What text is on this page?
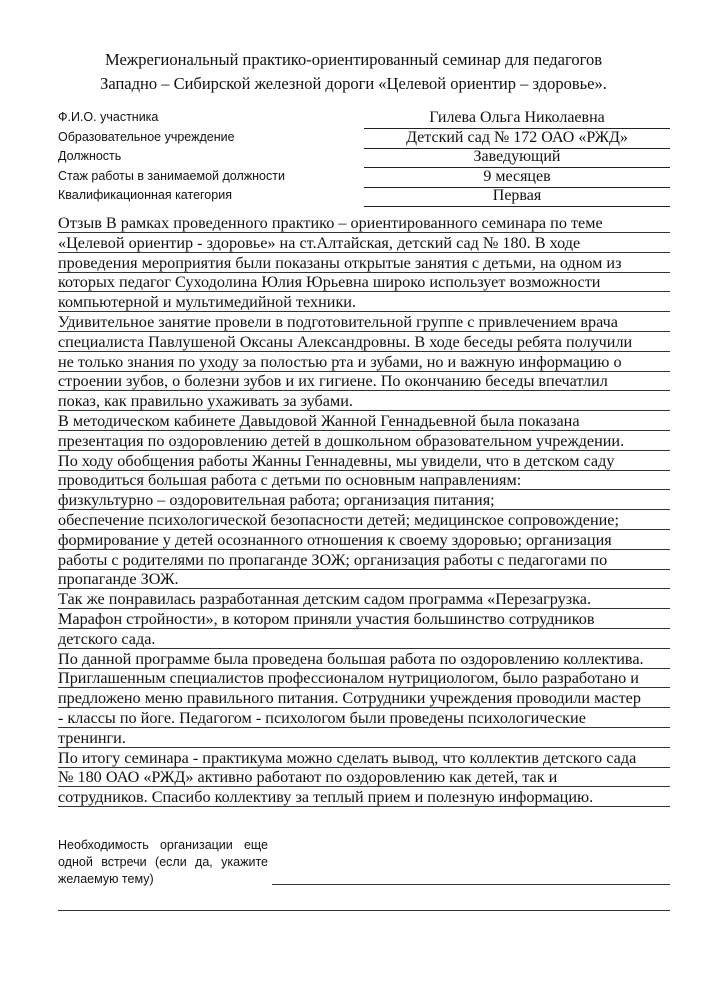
Межрегиональный практико-ориентированный семинар для педагогов
Западно – Сибирской железной дороги «Целевой ориентир – здоровье».
Ф.И.О. участника	Гилева Ольга Николаевна
Образовательное учреждение	Детский сад № 172 ОАО «РЖД»
Должность	Заведующий
Стаж работы в занимаемой должности	9 месяцев
Квалификационная категория	Первая
Отзыв В рамках проведенного практико – ориентированного семинара по теме
«Целевой ориентир - здоровье» на ст.Алтайская, детский сад № 180. В ходе
проведения мероприятия были показаны открытые занятия с детьми, на одном из
которых педагог Суходолина Юлия Юрьевна широко использует возможности
компьютерной и мультимедийной техники.
Удивительное занятие провели в подготовительной группе с привлечением врача
специалиста Павлушеной Оксаны Александровны. В ходе беседы ребята получили
не только знания по уходу за полостью рта и зубами, но и важную информацию о
строении зубов, о болезни зубов и их гигиене. По окончанию беседы впечатлил
показ, как правильно ухаживать за зубами.
В методическом кабинете Давыдовой Жанной Геннадьевной была показана
презентация по оздоровлению детей в дошкольном образовательном учреждении.
По ходу обобщения работы Жанны Геннадевны, мы увидели, что в детском саду
проводиться большая работа с детьми по основным направлениям:
физкультурно – оздоровительная работа; организация питания;
обеспечение психологической безопасности детей; медицинское сопровождение;
формирование у детей осознанного отношения к своему здоровью; организация
работы с родителями по пропаганде ЗОЖ; организация работы с педагогами по
пропаганде ЗОЖ.
Так же понравилась разработанная детским садом программа «Перезагрузка.
Марафон стройности», в котором приняли участия большинство сотрудников
детского сада.
По данной программе была проведена большая работа по оздоровлению коллектива.
Приглашенным специалистов профессионалом нутрициологом, было разработано и
предложено меню правильного питания. Сотрудники учреждения проводили мастер
- классы по йоге. Педагогом - психологом были проведены психологические
тренинги.
По итогу семинара - практикума можно сделать вывод, что коллектив детского сада
№ 180 ОАО «РЖД» активно работают по оздоровлению как детей, так и
сотрудников. Спасибо коллективу за теплый прием и полезную информацию.
Необходимость организации еще
одной встречи (если да, укажите
желаемую тему)
